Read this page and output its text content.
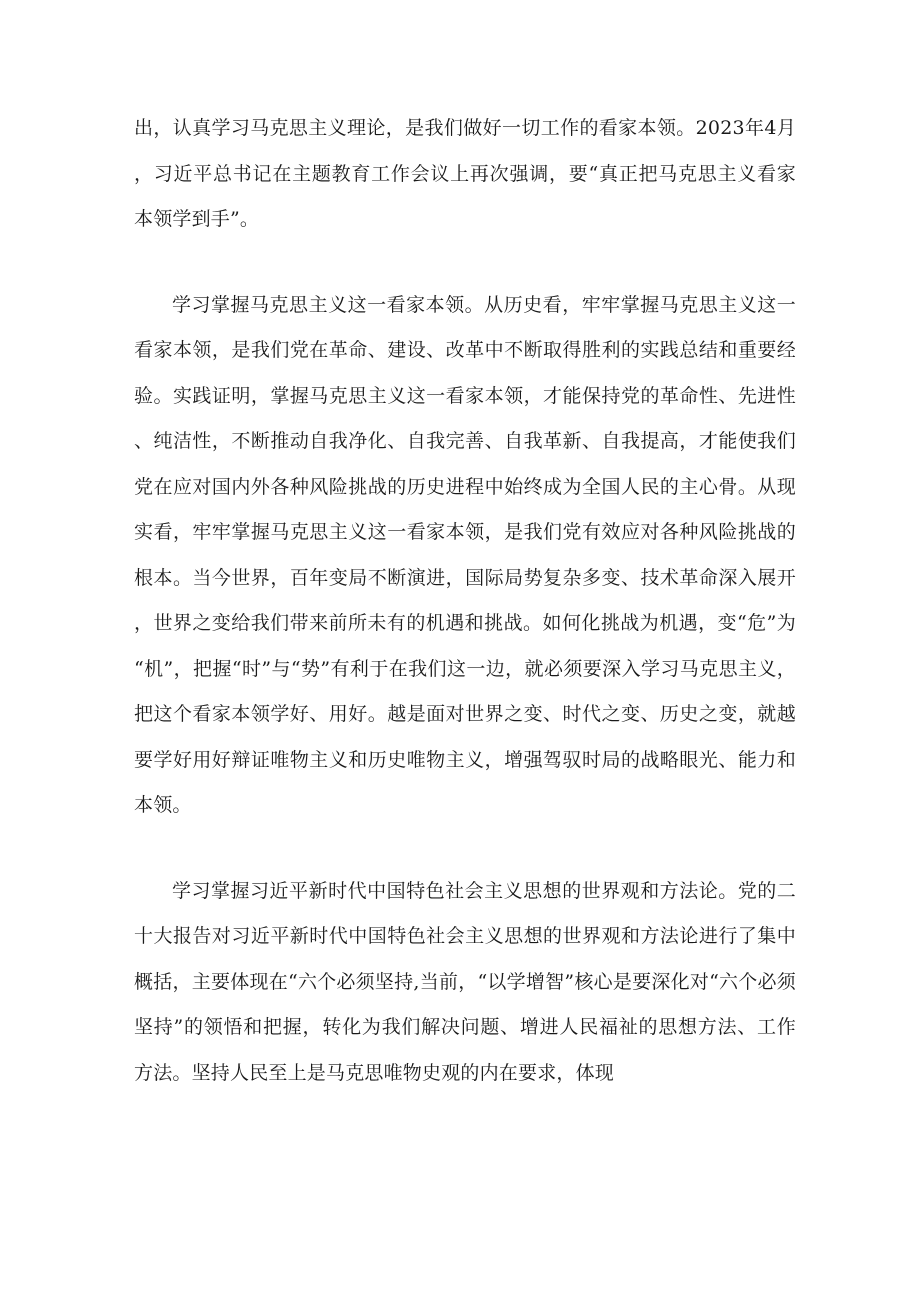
出，认真学习马克思主义理论，是我们做好一切工作的看家本领。2023年4月，习近平总书记在主题教育工作会议上再次强调，要“真正把马克思主义看家本领学到手”。

学习掌握马克思主义这一看家本领。从历史看，牢牢掌握马克思主义这一看家本领，是我们党在革命、建设、改革中不断取得胜利的实践总结和重要经验。实践证明，掌握马克思主义这一看家本领，才能保持党的革命性、先进性、纯洁性，不断推动自我净化、自我完善、自我革新、自我提高，才能使我们党在应对国内外各种风险挑战的历史进程中始终成为全国人民的主心骨。从现实看，牢牢掌握马克思主义这一看家本领，是我们党有效应对各种风险挑战的根本。当今世界，百年变局不断演进，国际局势复杂多变、技术革命深入展开，世界之变给我们带来前所未有的机遇和挑战。如何化挑战为机遇，变“危”为“机”，把握“时”与“势”有利于在我们这一边，就必须要深入学习马克思主义，把这个看家本领学好、用好。越是面对世界之变、时代之变、历史之变，就越要学好用好辩证唯物主义和历史唯物主义，增强驾驭时局的战略眼光、能力和本领。

学习掌握习近平新时代中国特色社会主义思想的世界观和方法论。党的二十大报告对习近平新时代中国特色社会主义思想的世界观和方法论进行了集中概括，主要体现在“六个必须坚持,当前，“以学增智”核心是要深化对“六个必须坚持”的领悟和把握，转化为我们解决问题、增进人民福祉的思想方法、工作方法。坚持人民至上是马克思唯物史观的内在要求，体现
